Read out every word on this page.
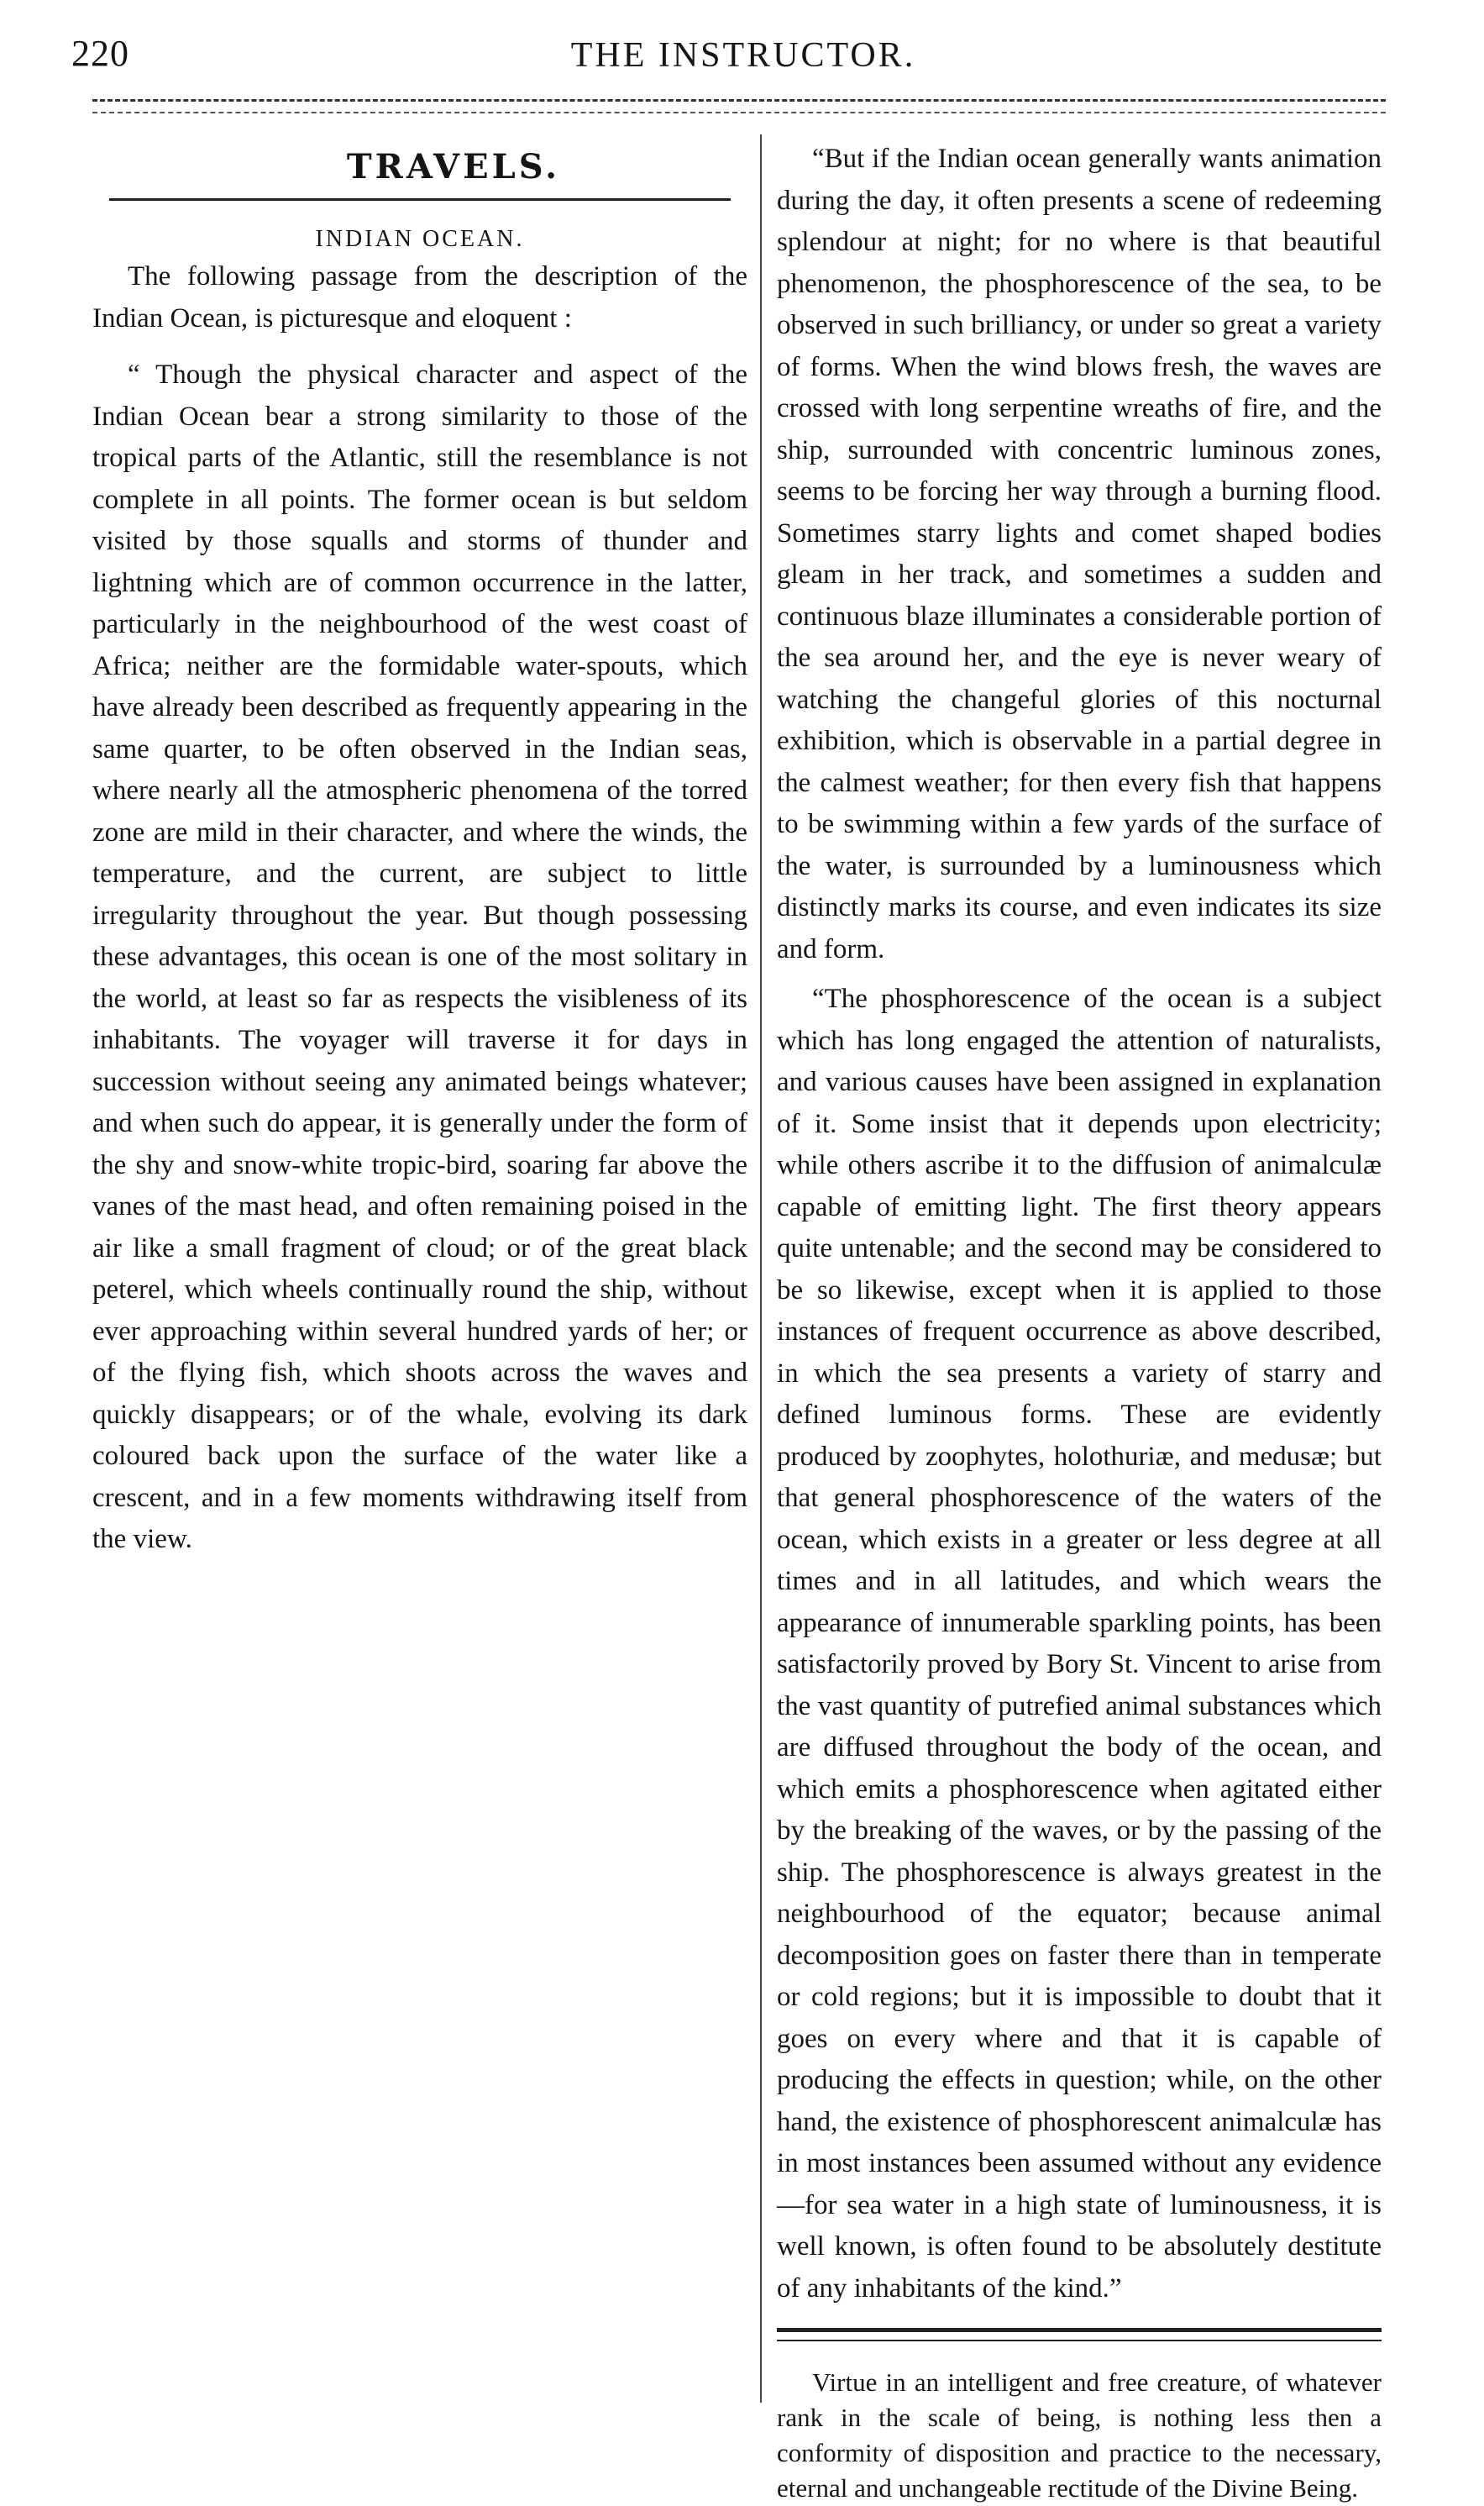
220	THE INSTRUCTOR.
TRAVELS.
INDIAN OCEAN.

The following passage from the description of the Indian Ocean, is picturesque and eloquent :

“ Though the physical character and aspect of the Indian Ocean bear a strong similarity to those of the tropical parts of the Atlantic, still the resemblance is not complete in all points. The former ocean is but seldom visited by those squalls and storms of thunder and lightning which are of common occurrence in the latter, particularly in the neighbourhood of the west coast of Africa; neither are the formidable water-spouts, which have already been described as frequently appearing in the same quarter, to be often observed in the Indian seas, where nearly all the atmospheric phenomena of the torred zone are mild in their character, and where the winds, the temperature, and the current, are subject to little irregularity throughout the year. But though possessing these advantages, this ocean is one of the most solitary in the world, at least so far as respects the visibleness of its inhabitants. The voyager will traverse it for days in succession without seeing any animated beings whatever; and when such do appear, it is generally under the form of the shy and snow-white tropic-bird, soaring far above the vanes of the mast head, and often remaining poised in the air like a small fragment of cloud; or of the great black peterel, which wheels continually round the ship, without ever approaching within several hundred yards of her; or of the flying fish, which shoots across the waves and quickly disappears; or of the whale, evolving its dark coloured back upon the surface of the water like a crescent, and in a few moments withdrawing itself from the view.

“But if the Indian ocean generally wants animation during the day, it often presents a scene of redeeming splendour at night; for no where is that beautiful phenomenon, the phosphorescence of the sea, to be observed in such brilliancy, or under so great a variety of forms. When the wind blows fresh, the waves are crossed with long serpentine wreaths of fire, and the ship, surrounded with concentric luminous zones, seems to be forcing her way through a burning flood. Sometimes starry lights and comet shaped bodies gleam in her track, and sometimes a sudden and continuous blaze illuminates a considerable portion of the sea around her, and the eye is never weary of watching the changeful glories of this nocturnal exhibition, which is observable in a partial degree in the calmest weather; for then every fish that happens to be swimming within a few yards of the surface of the water, is surrounded by a luminousness which distinctly marks its course, and even indicates its size and form.

“The phosphorescence of the ocean is a subject which has long engaged the attention of naturalists, and various causes have been assigned in explanation of it. Some insist that it depends upon electricity; while others ascribe it to the diffusion of animalculæ capable of emitting light. The first theory appears quite untenable; and the second may be considered to be so likewise, except when it is applied to those instances of frequent occurrence as above described, in which the sea presents a variety of starry and defined luminous forms. These are evidently produced by zoophytes, holothuriæ, and medusæ; but that general phosphorescence of the waters of the ocean, which exists in a greater or less degree at all times and in all latitudes, and which wears the appearance of innumerable sparkling points, has been satisfactorily proved by Bory St. Vincent to arise from the vast quantity of putrefied animal substances which are diffused throughout the body of the ocean, and which emits a phosphorescence when agitated either by the breaking of the waves, or by the passing of the ship. The phosphorescence is always greatest in the neighbourhood of the equator; because animal decomposition goes on faster there than in temperate or cold regions; but it is impossible to doubt that it goes on every where and that it is capable of producing the effects in question; while, on the other hand, the existence of phosphorescent animalculæ has in most instances been assumed without any evidence—for sea water in a high state of luminousness, it is well known, is often found to be absolutely destitute of any inhabitants of the kind.”

Virtue in an intelligent and free creature, of whatever rank in the scale of being, is nothing less then a conformity of disposition and practice to the necessary, eternal and unchangeable rectitude of the Divine Being.
